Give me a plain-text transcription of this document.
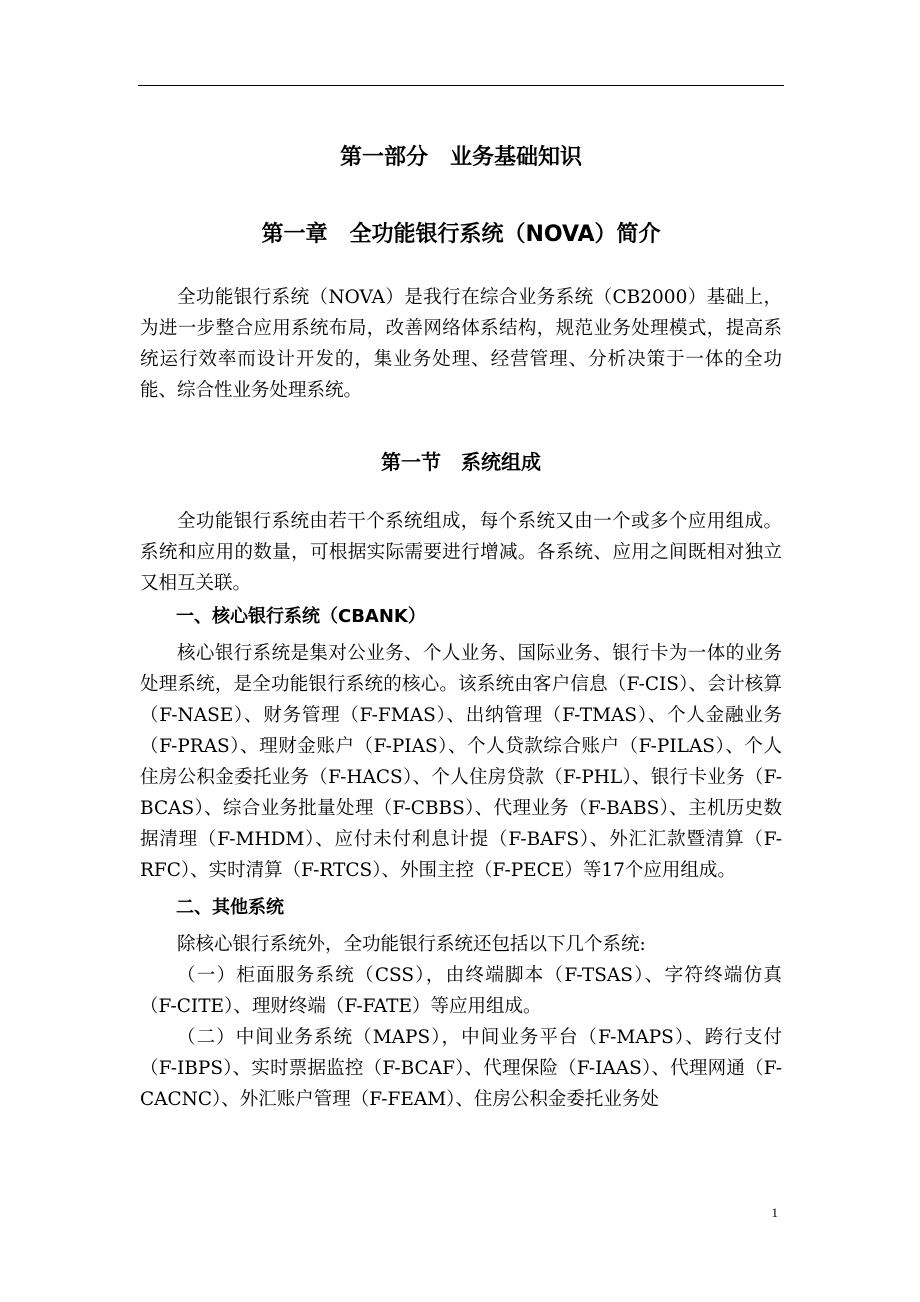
第一部分　业务基础知识
第一章　全功能银行系统（NOVA）简介

全功能银行系统（NOVA）是我行在综合业务系统（CB2000）基础上，为进一步整合应用系统布局，改善网络体系结构，规范业务处理模式，提高系统运行效率而设计开发的，集业务处理、经营管理、分析决策于一体的全功能、综合性业务处理系统。

第一节　系统组成

全功能银行系统由若干个系统组成，每个系统又由一个或多个应用组成。系统和应用的数量，可根据实际需要进行增减。各系统、应用之间既相对独立又相互关联。

一、核心银行系统（CBANK）

核心银行系统是集对公业务、个人业务、国际业务、银行卡为一体的业务处理系统，是全功能银行系统的核心。该系统由客户信息（F-CIS）、会计核算（F-NASE）、财务管理（F-FMAS）、出纳管理（F-TMAS）、个人金融业务（F-PRAS）、理财金账户（F-PIAS）、个人贷款综合账户（F-PILAS）、个人住房公积金委托业务（F-HACS）、个人住房贷款（F-PHL）、银行卡业务（F-BCAS）、综合业务批量处理（F-CBBS）、代理业务（F-BABS）、主机历史数据清理（F-MHDM）、应付未付利息计提（F-BAFS）、外汇汇款暨清算（F-RFC）、实时清算（F-RTCS）、外围主控（F-PECE）等17个应用组成。

二、其他系统

除核心银行系统外，全功能银行系统还包括以下几个系统:

（一）柜面服务系统（CSS），由终端脚本（F-TSAS）、字符终端仿真（F-CITE）、理财终端（F-FATE）等应用组成。

（二）中间业务系统（MAPS），中间业务平台（F-MAPS）、跨行支付（F-IBPS）、实时票据监控（F-BCAF）、代理保险（F-IAAS）、代理网通（F-CACNC）、外汇账户管理（F-FEAM）、住房公积金委托业务处

1
